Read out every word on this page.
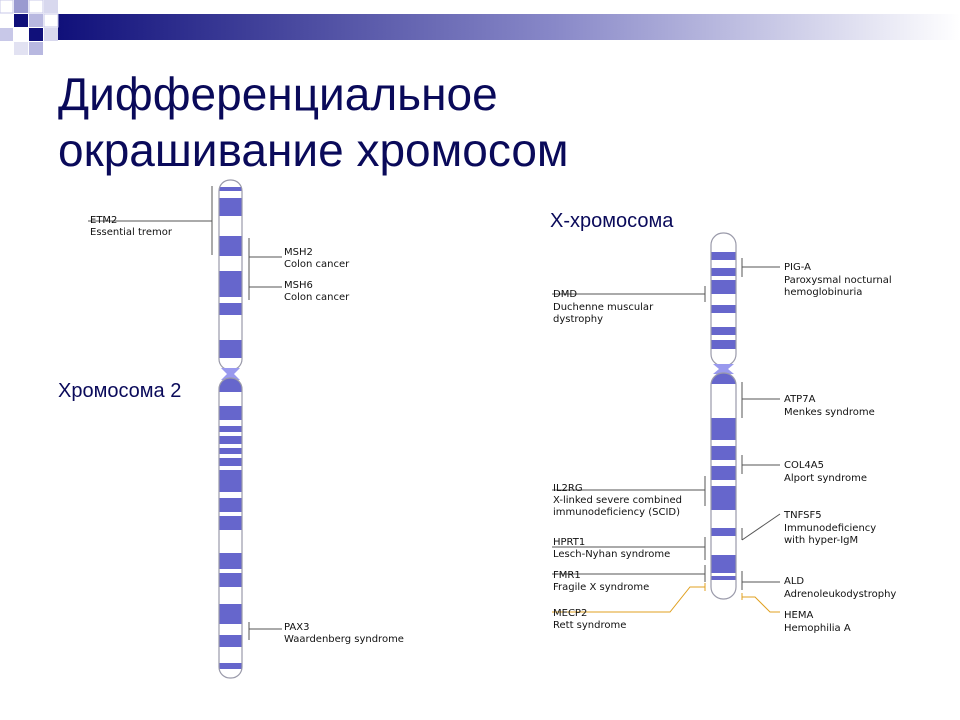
Дифференциальное
окрашивание хромосом
Хромосома 2
X-хромосома
ETM2
Essential tremor
MSH2
Colon cancer
MSH6
Colon cancer
PAX3
Waardenberg syndrome
PIG-A
Paroxysmal nocturnal
hemoglobinuria
DMD
Duchenne muscular
dystrophy
ATP7A
Menkes syndrome
COL4A5
Alport syndrome
IL2RG
X-linked severe combined
immunodeficiency (SCID)	TNFSF5
Immunodeficiency
with hyper-IgM
HPRT1
Lesch-Nyhan syndrome
FMR1
Fragile X syndrome
ALD
Adrenoleukodystrophy
MECP2
Rett syndrome
HEMA
Hemophilia A
